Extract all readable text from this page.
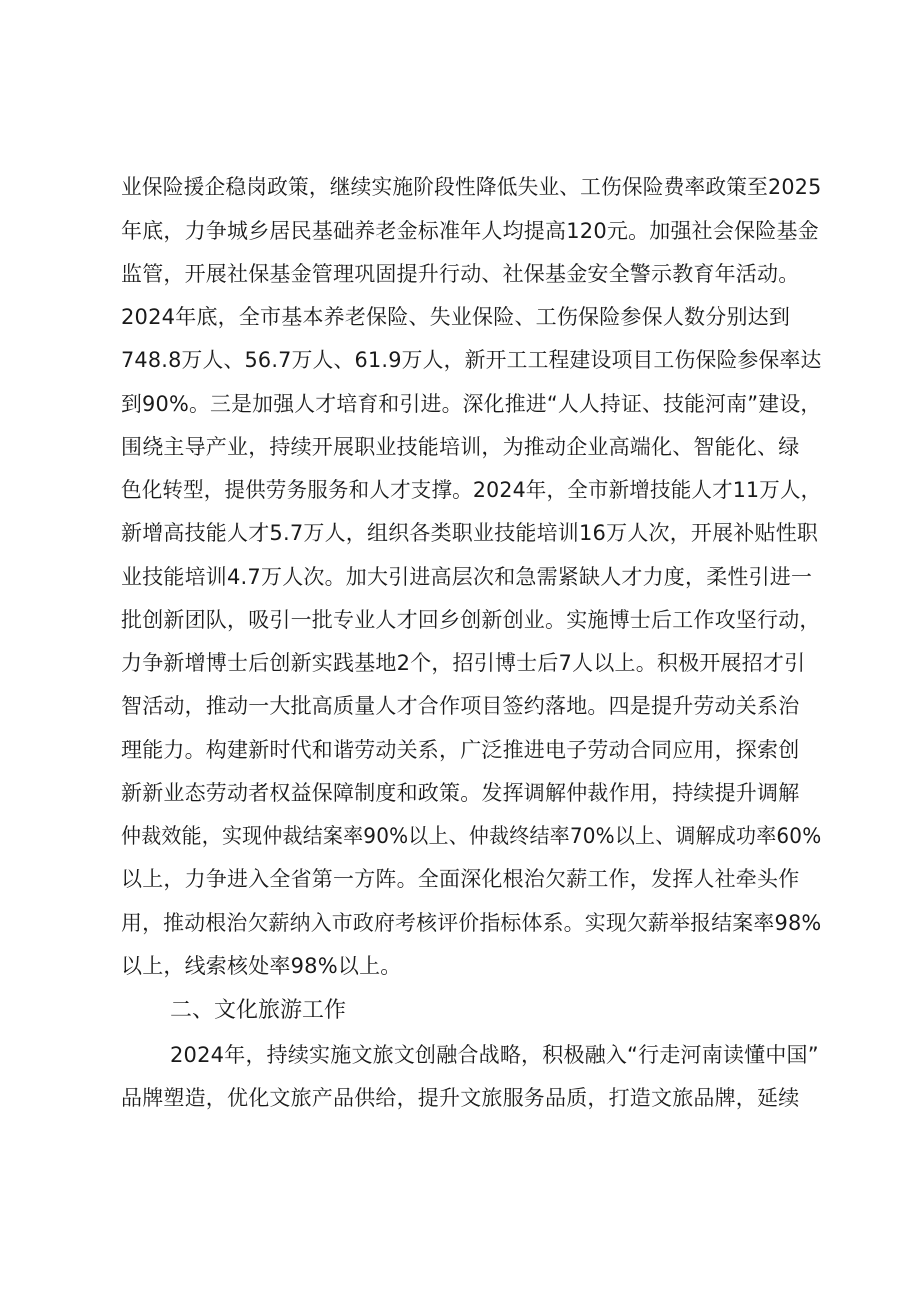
业保险援企稳岗政策，继续实施阶段性降低失业、工伤保险费率政策至2025
年底，力争城乡居民基础养老金标准年人均提高120元。加强社会保险基金
监管，开展社保基金管理巩固提升行动、社保基金安全警示教育年活动。
2024年底，全市基本养老保险、失业保险、工伤保险参保人数分别达到
748.8万人、56.7万人、61.9万人，新开工工程建设项目工伤保险参保率达
到90%。三是加强人才培育和引进。深化推进“人人持证、技能河南”建设，
围绕主导产业，持续开展职业技能培训，为推动企业高端化、智能化、绿
色化转型，提供劳务服务和人才支撑。2024年，全市新增技能人才11万人，
新增高技能人才5.7万人，组织各类职业技能培训16万人次，开展补贴性职
业技能培训4.7万人次。加大引进高层次和急需紧缺人才力度，柔性引进一
批创新团队，吸引一批专业人才回乡创新创业。实施博士后工作攻坚行动，
力争新增博士后创新实践基地2个，招引博士后7人以上。积极开展招才引
智活动，推动一大批高质量人才合作项目签约落地。四是提升劳动关系治
理能力。构建新时代和谐劳动关系，广泛推进电子劳动合同应用，探索创
新新业态劳动者权益保障制度和政策。发挥调解仲裁作用，持续提升调解
仲裁效能，实现仲裁结案率90%以上、仲裁终结率70%以上、调解成功率60%
以上，力争进入全省第一方阵。全面深化根治欠薪工作，发挥人社牵头作
用，推动根治欠薪纳入市政府考核评价指标体系。实现欠薪举报结案率98%
以上，线索核处率98%以上。
二、文化旅游工作
2024年，持续实施文旅文创融合战略，积极融入“行走河南读懂中国”
品牌塑造，优化文旅产品供给，提升文旅服务品质，打造文旅品牌，延续
